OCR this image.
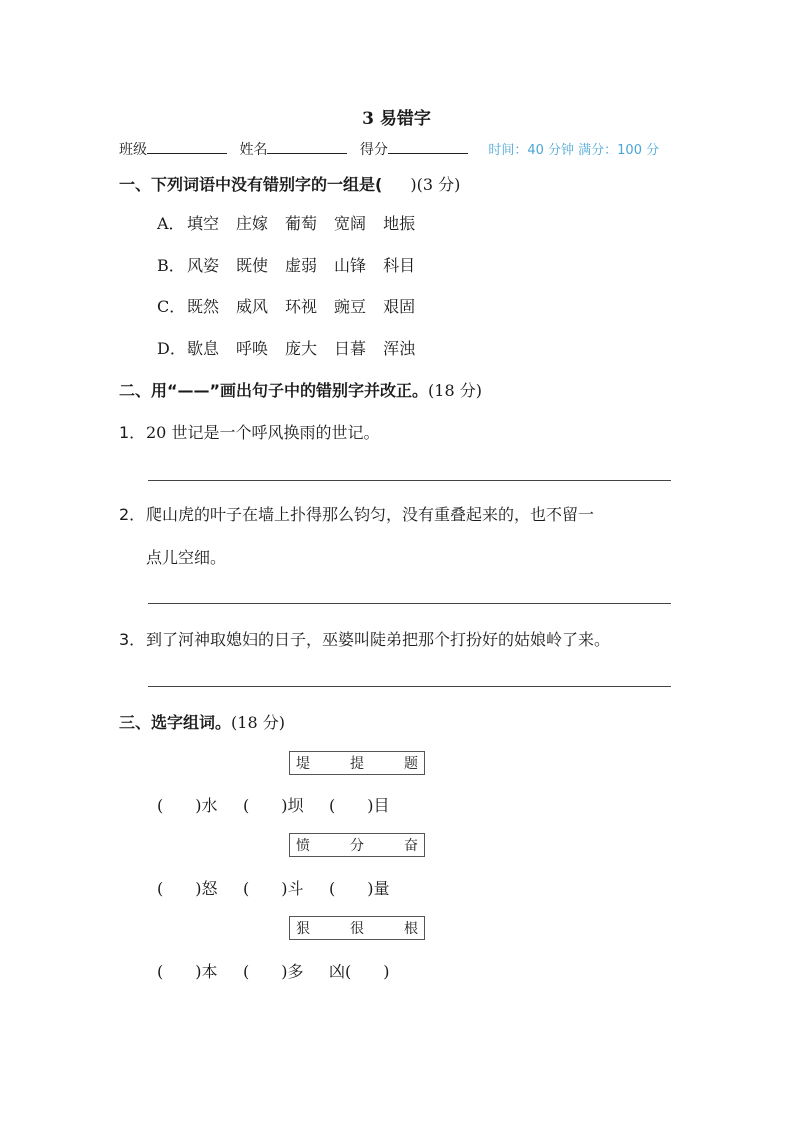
3 易错字
班级	姓名	得分	时间：40 分钟 满分：100 分
一、下列词语中没有错别字的一组是( )(3 分)
A． 填空 庄嫁 葡萄 宽阔 地振
B． 风姿 既使 虚弱 山锋 科目
C． 既然 威风 环视 豌豆 艰固
D．歇息 呼唤 庞大 日暮 浑浊
二、用“——”画出句子中的错别字并改正。(18 分)
1．20 世记是一个呼风换雨的世记。
2．爬山虎的叶子在墙上扑得那么钧匀，没有重叠起来的，也不留一
点儿空细。
3．到了河神取媳妇的日子，巫婆叫陡弟把那个打扮好的姑娘岭了来。
三、选字组词。(18 分)
堤	提	题
(　　)水	(　　)坝	(　　)目
愤	分	奋
(　　)怒	(　　)斗	(　　)量
狠	很	根
(　　)本	(　　)多	凶(　　)
